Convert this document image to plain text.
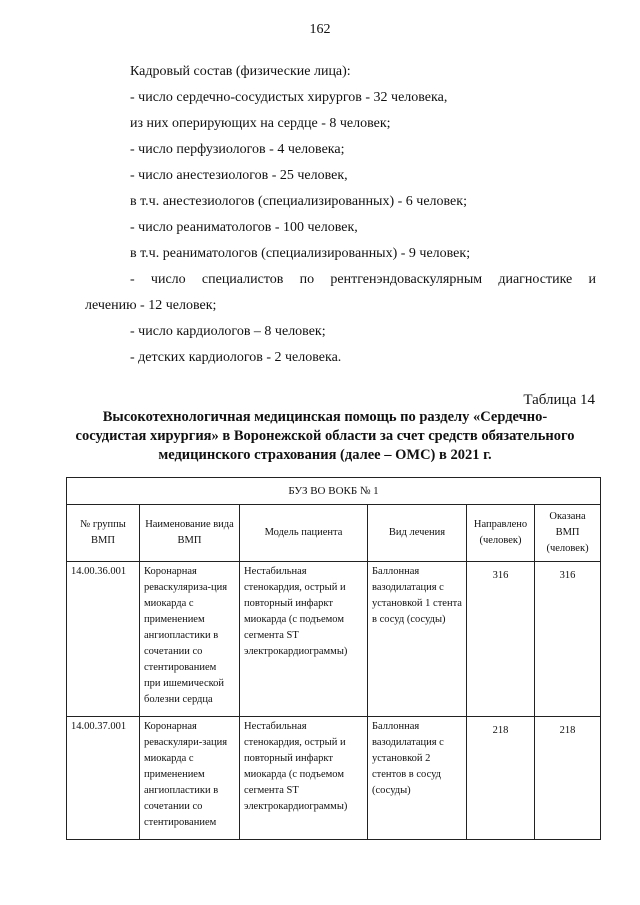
162
Кадровый состав (физические лица):
- число сердечно-сосудистых хирургов - 32 человека,
из них оперирующих на сердце - 8 человек;
- число перфузиологов - 4 человека;
- число анестезиологов - 25 человек,
в т.ч. анестезиологов (специализированных) - 6 человек;
- число реаниматологов - 100 человек,
в т.ч. реаниматологов (специализированных) - 9 человек;
- число специалистов по рентгенэндоваскулярным диагностике и
лечению - 12 человек;
- число кардиологов – 8 человек;
- детских кардиологов - 2 человека.
Таблица 14
Высокотехнологичная медицинская помощь по разделу «Сердечно-сосудистая хирургия» в Воронежской области за счет средств обязательного медицинского страхования (далее – ОМС) в 2021 г.
БУЗ ВО ВОКБ № 1					
№ группы ВМП	Наименование вида ВМП	Модель пациента	Вид лечения	Направлено (человек)	Оказана ВМП (человек)
14.00.36.001	Коронарная реваскуляриза-ция миокарда с применением ангиопластики в сочетании со стентированием при ишемической болезни сердца	Нестабильная стенокардия, острый и повторный инфаркт миокарда (с подъемом сегмента ST электрокардиограммы)	Баллонная вазодилатация с установкой 1 стента в сосуд (сосуды)	316	316
14.00.37.001	Коронарная реваскуляри-зация миокарда с применением ангиопластики в сочетании со стентированием	Нестабильная стенокардия, острый и повторный инфаркт миокарда (с подъемом сегмента ST электрокардиограммы)	Баллонная вазодилатация с установкой 2 стентов в сосуд (сосуды)	218	218
